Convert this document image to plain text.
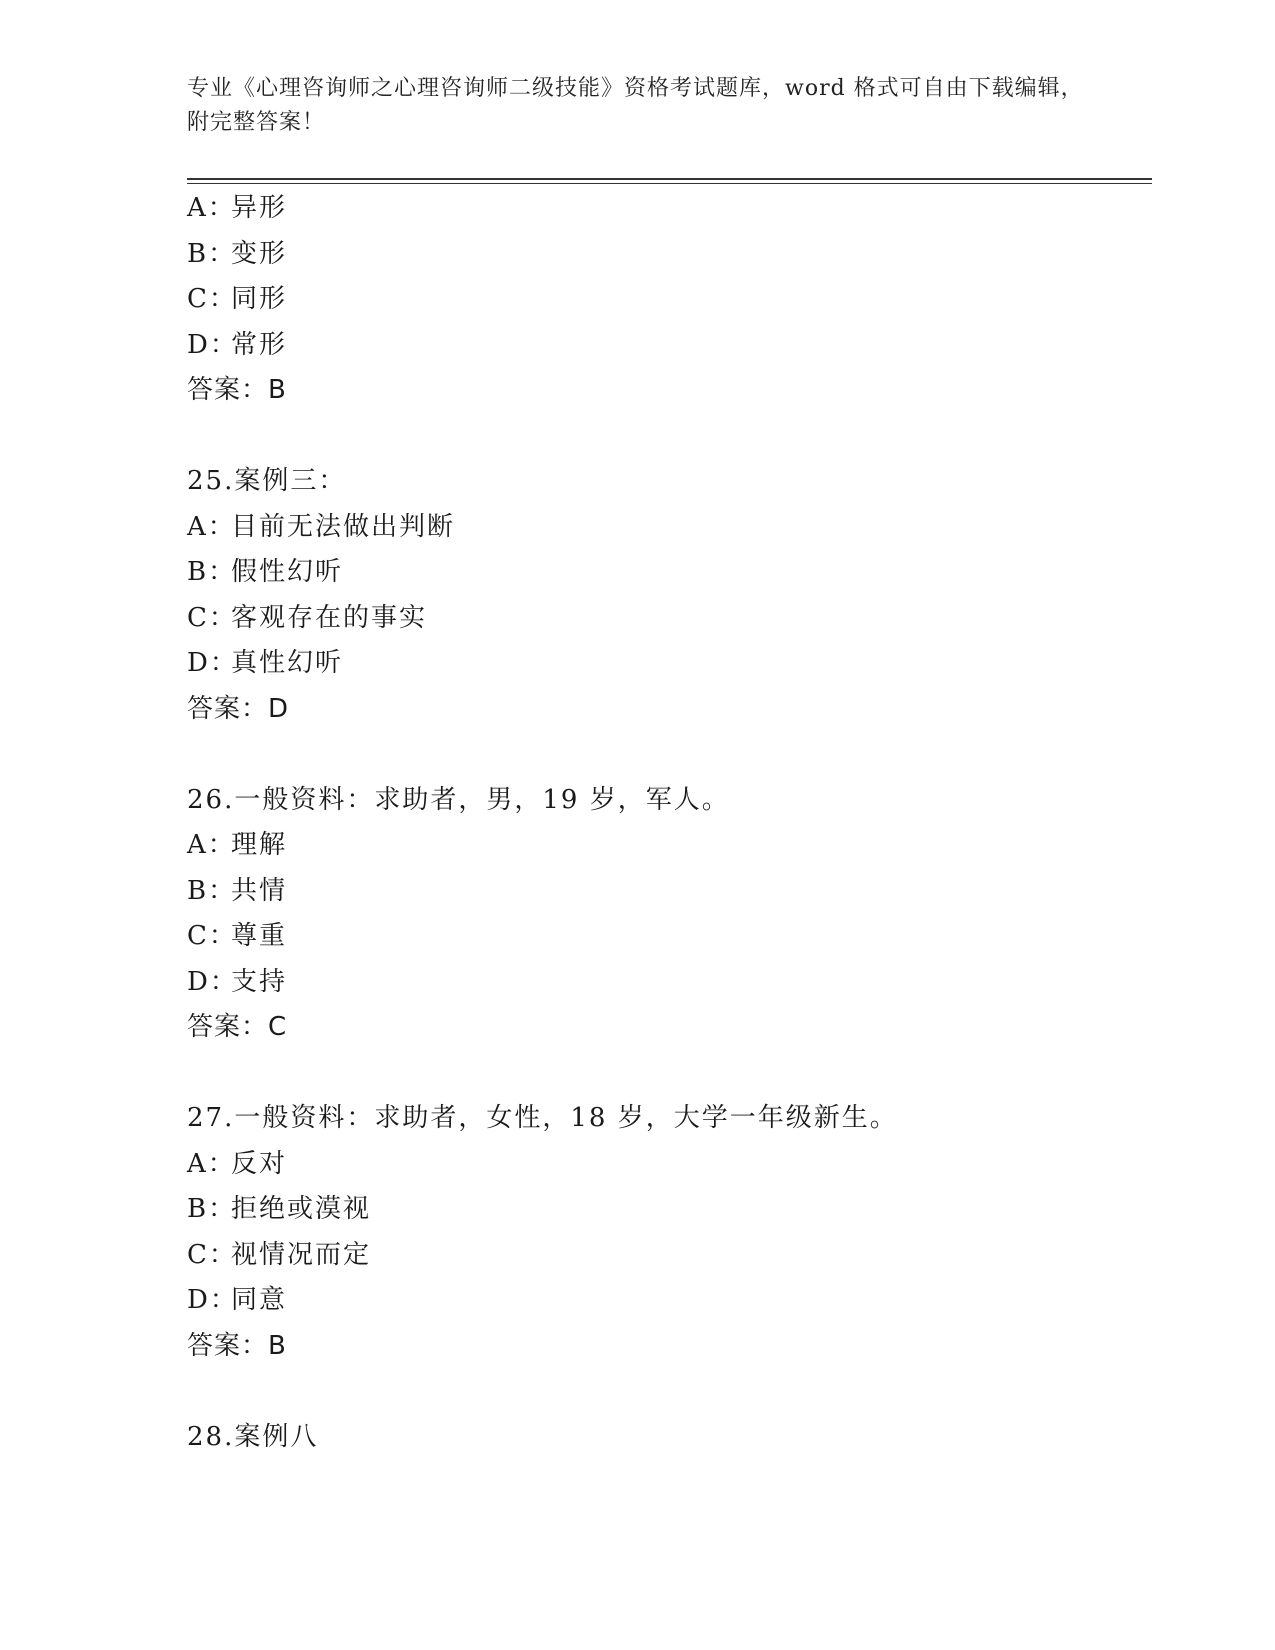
专业《心理咨询师之心理咨询师二级技能》资格考试题库，word 格式可自由下载编辑，附完整答案！
A：异形
B：变形
C：同形
D：常形
答案：B
25.案例三：
A：目前无法做出判断
B：假性幻听
C：客观存在的事实
D：真性幻听
答案：D
26.一般资料：求助者，男，19 岁，军人。
A：理解
B：共情
C：尊重
D：支持
答案：C
27.一般资料：求助者，女性，18 岁，大学一年级新生。
A：反对
B：拒绝或漠视
C：视情况而定
D：同意
答案：B
28.案例八
